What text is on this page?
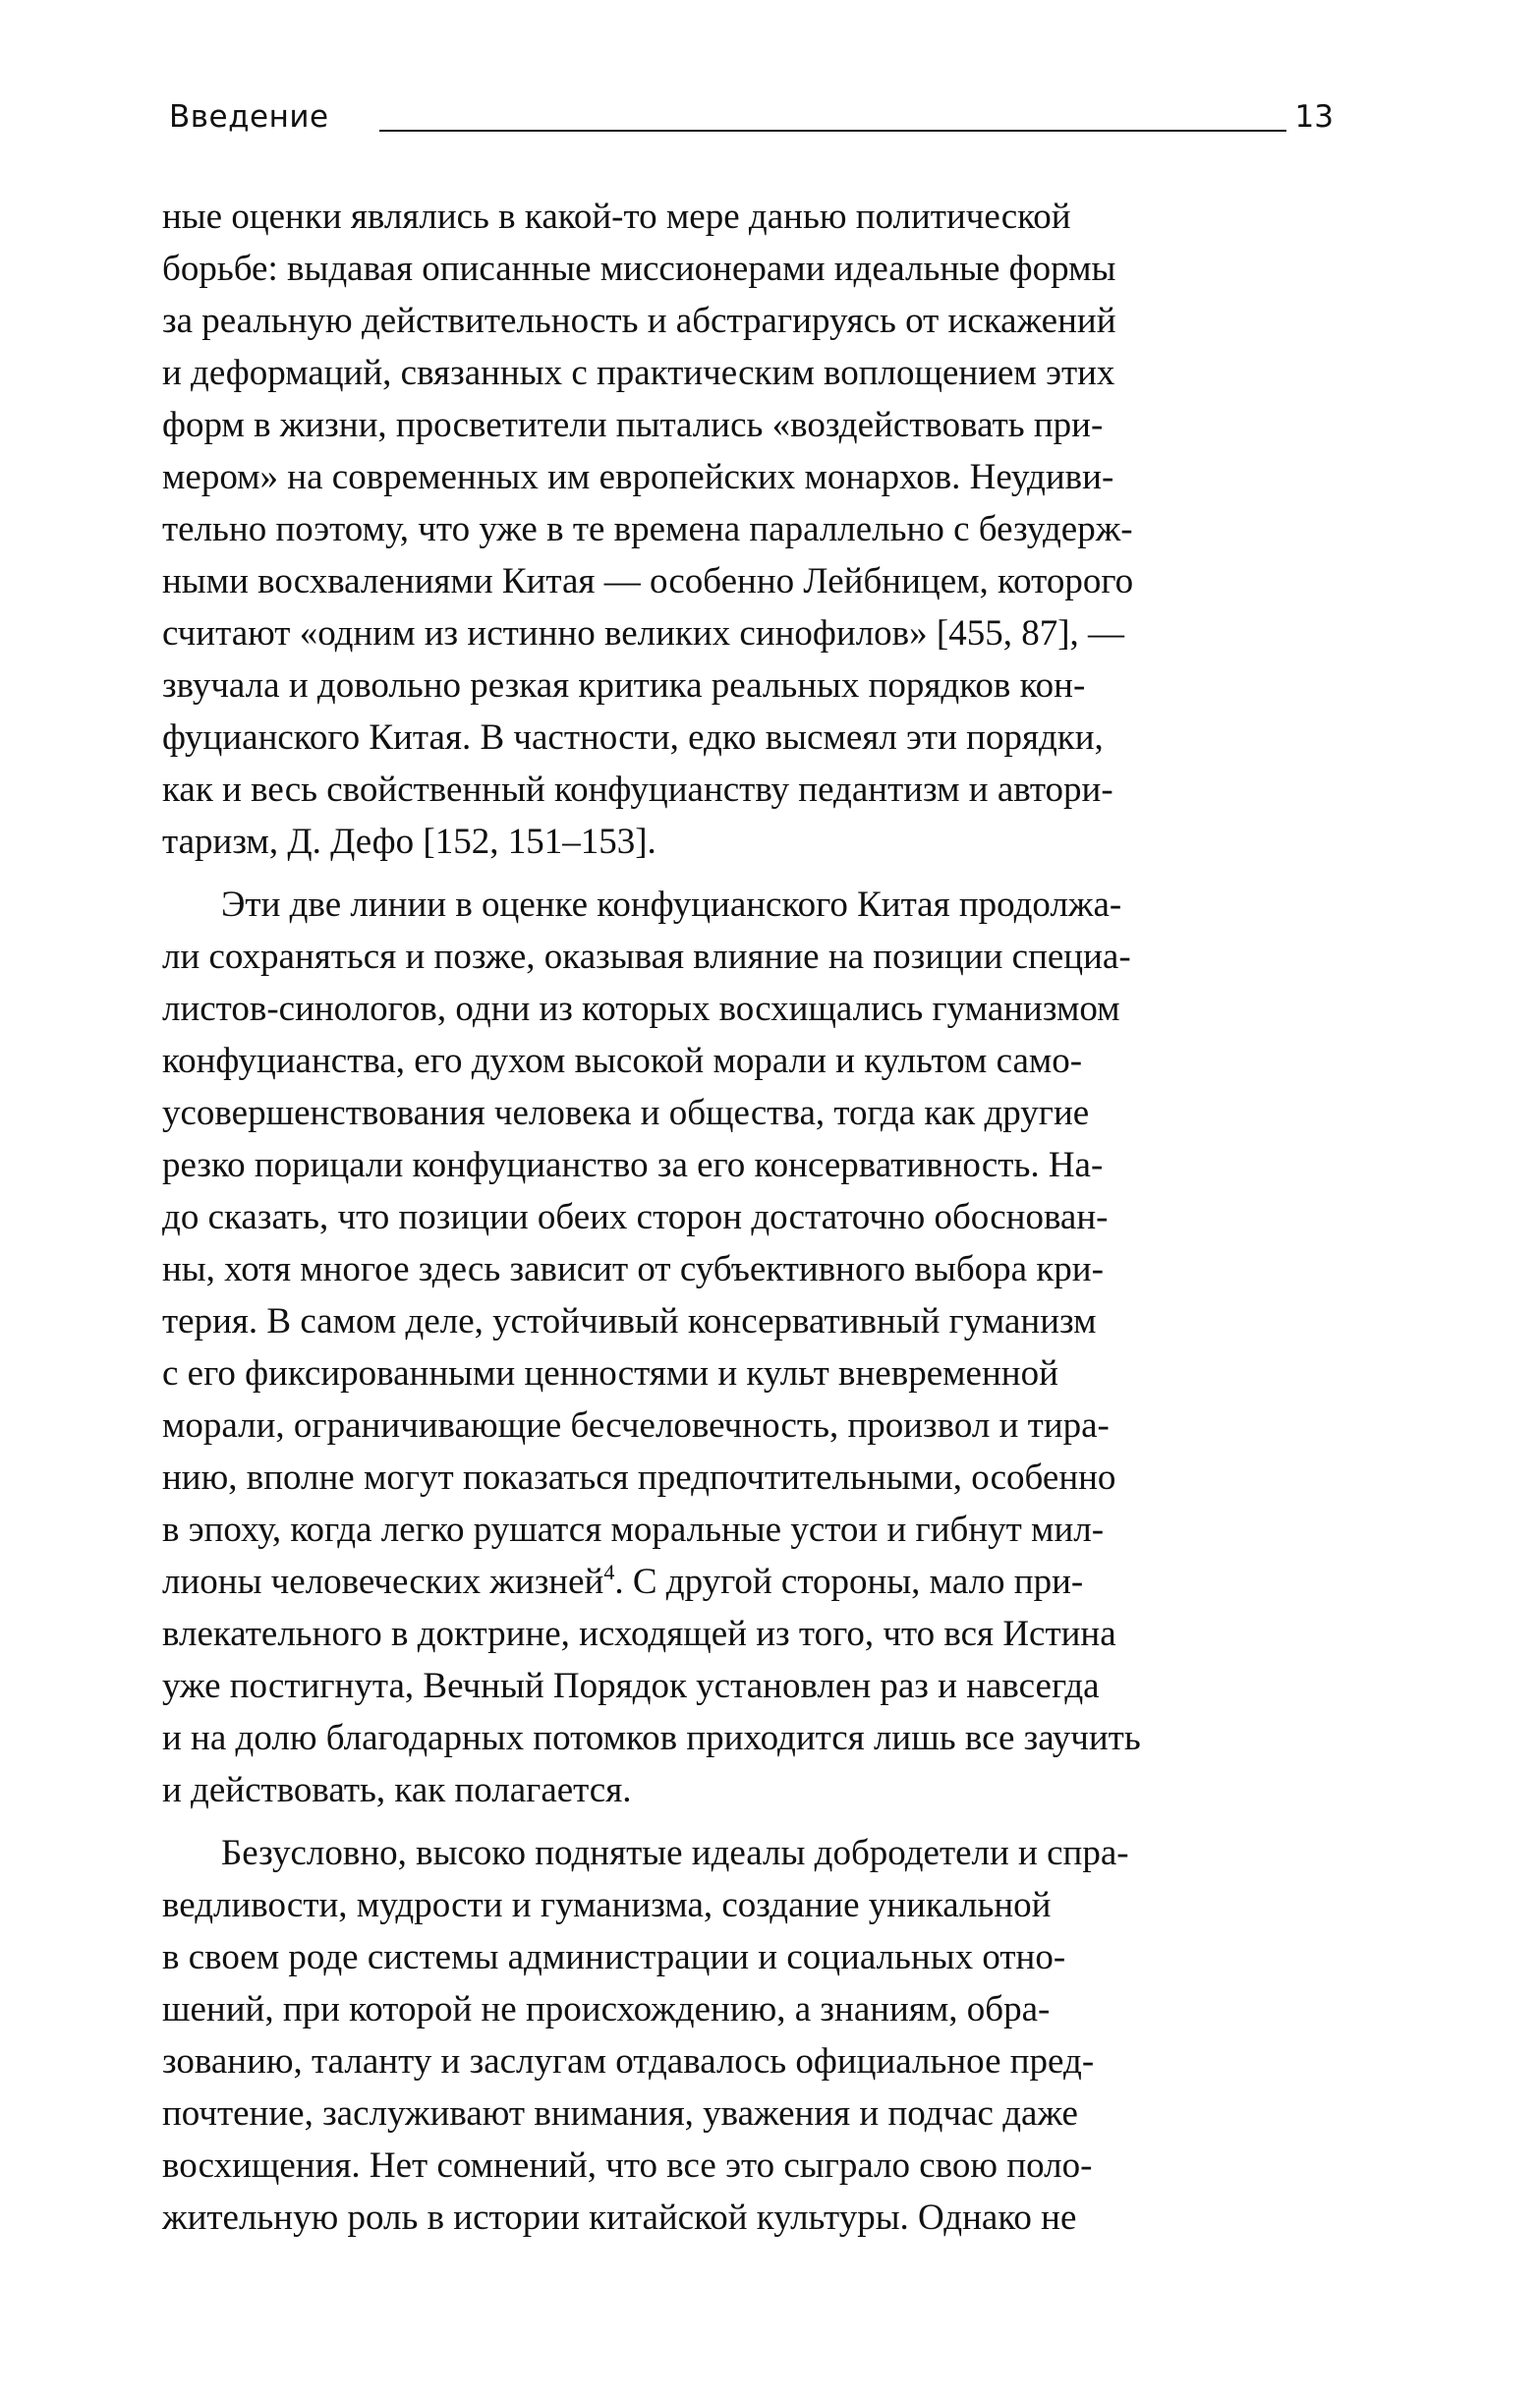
Введение	13
ные оценки являлись в какой-то мере данью политической
борьбе: выдавая описанные миссионерами идеальные формы
за реальную действительность и абстрагируясь от искажений
и деформаций, связанных с практическим воплощением этих
форм в жизни, просветители пытались «воздействовать при-
мером» на современных им европейских монархов. Неудиви-
тельно поэтому, что уже в те времена параллельно с безудерж-
ными восхвалениями Китая — особенно Лейбницем, которого
считают «одним из истинно великих синофилов» [455, 87], —
звучала и довольно резкая критика реальных порядков кон-
фуцианского Китая. В частности, едко высмеял эти порядки,
как и весь свойственный конфуцианству педантизм и автори-
таризм, Д. Дефо [152, 151–153].
Эти две линии в оценке конфуцианского Китая продолжа-
ли сохраняться и позже, оказывая влияние на позиции специа-
листов-синологов, одни из которых восхищались гуманизмом
конфуцианства, его духом высокой морали и культом само-
усовершенствования человека и общества, тогда как другие
резко порицали конфуцианство за его консервативность. На-
до сказать, что позиции обеих сторон достаточно обоснован-
ны, хотя многое здесь зависит от субъективного выбора кри-
терия. В самом деле, устойчивый консервативный гуманизм
с его фиксированными ценностями и культ вневременной
морали, ограничивающие бесчеловечность, произвол и тира-
нию, вполне могут показаться предпочтительными, особенно
в эпоху, когда легко рушатся моральные устои и гибнут мил-
лионы человеческих жизней$^4$. С другой стороны, мало при-
влекательного в доктрине, исходящей из того, что вся Истина
уже постигнута, Вечный Порядок установлен раз и навсегда
и на долю благодарных потомков приходится лишь все заучить
и действовать, как полагается.
Безусловно, высоко поднятые идеалы добродетели и спра-
ведливости, мудрости и гуманизма, создание уникальной
в своем роде системы администрации и социальных отно-
шений, при которой не происхождению, а знаниям, обра-
зованию, таланту и заслугам отдавалось официальное пред-
почтение, заслуживают внимания, уважения и подчас даже
восхищения. Нет сомнений, что все это сыграло свою поло-
жительную роль в истории китайской культуры. Однако не
